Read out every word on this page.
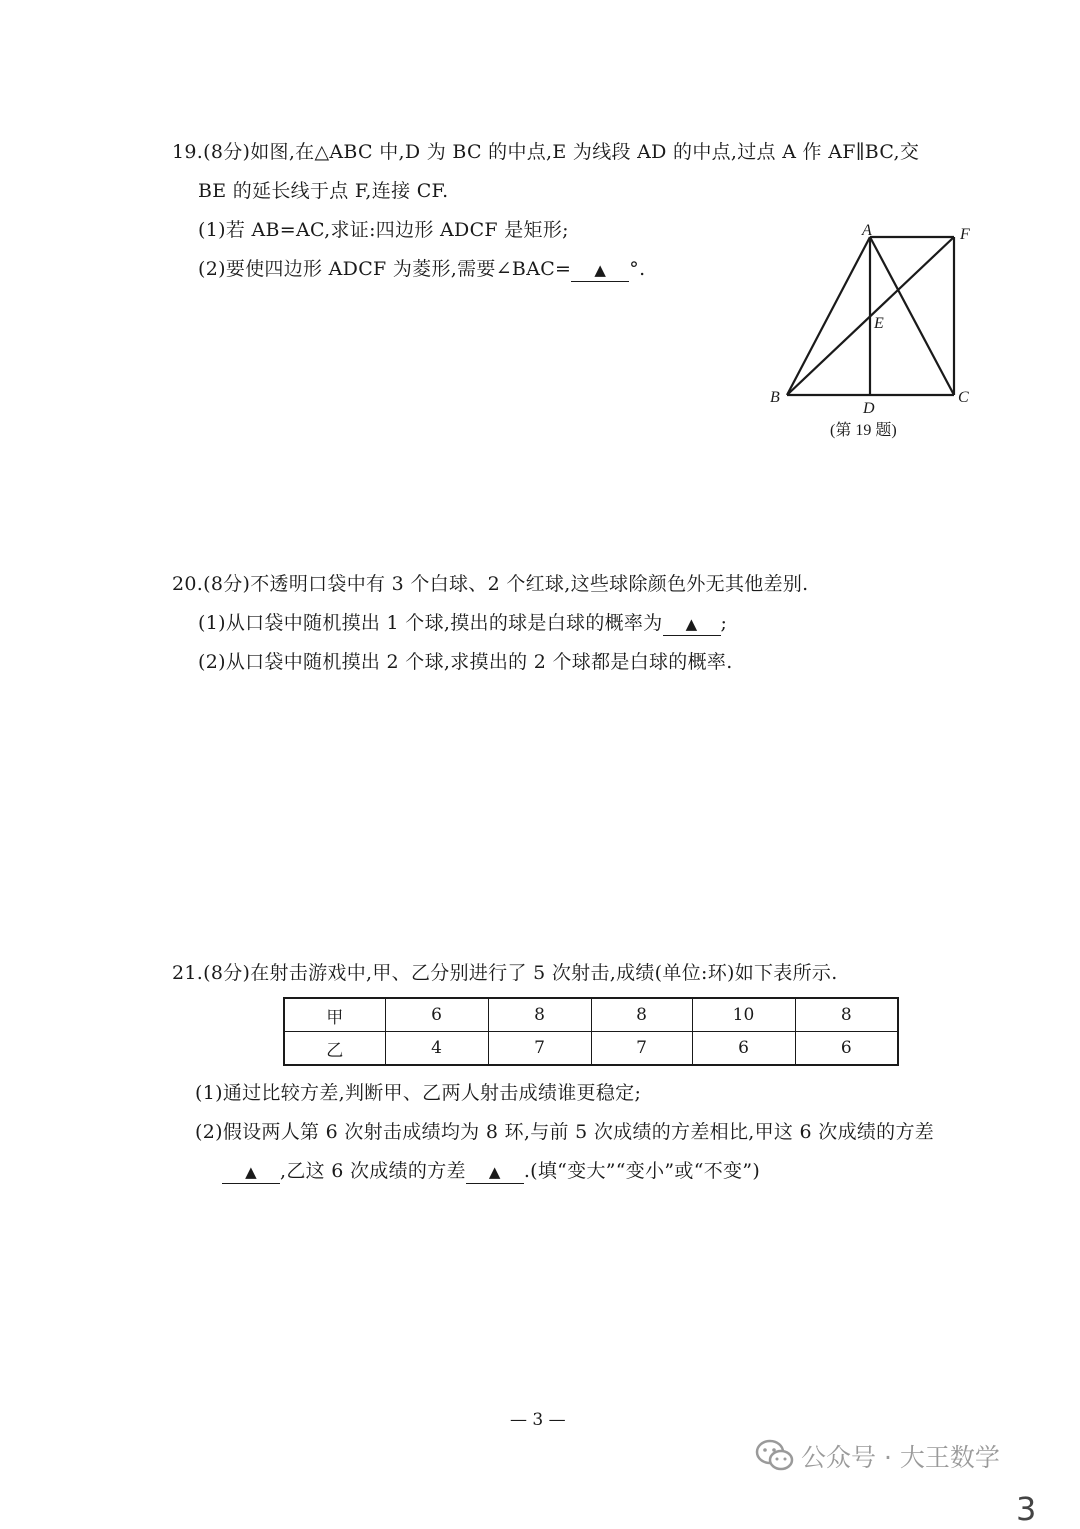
19.(8分)如图,在△ABC 中,D 为 BC 的中点,E 为线段 AD 的中点,过点 A 作 AF∥BC,交
BE 的延长线于点 F,连接 CF.
(1)若 AB=AC,求证:四边形 ADCF 是矩形;
(2)要使四边形 ADCF 为菱形,需要∠BAC= ▲ °.
A	F
E
B
D
C
(第 19 题)
20.(8分)不透明口袋中有 3 个白球、2 个红球,这些球除颜色外无其他差别.
(1)从口袋中随机摸出 1 个球,摸出的球是白球的概率为 ▲ ;
(2)从口袋中随机摸出 2 个球,求摸出的 2 个球都是白球的概率.
21.(8分)在射击游戏中,甲、乙分别进行了 5 次射击,成绩(单位:环)如下表所示.
甲	6	8	8	10	8
乙	4	7	7	6	6
(1)通过比较方差,判断甲、乙两人射击成绩谁更稳定;
(2)假设两人第 6 次射击成绩均为 8 环,与前 5 次成绩的方差相比,甲这 6 次成绩的方差
▲ ,乙这 6 次成绩的方差 ▲ .(填“变大”“变小”或“不变”)
— 3 —
公众号 · 大王数学
3
